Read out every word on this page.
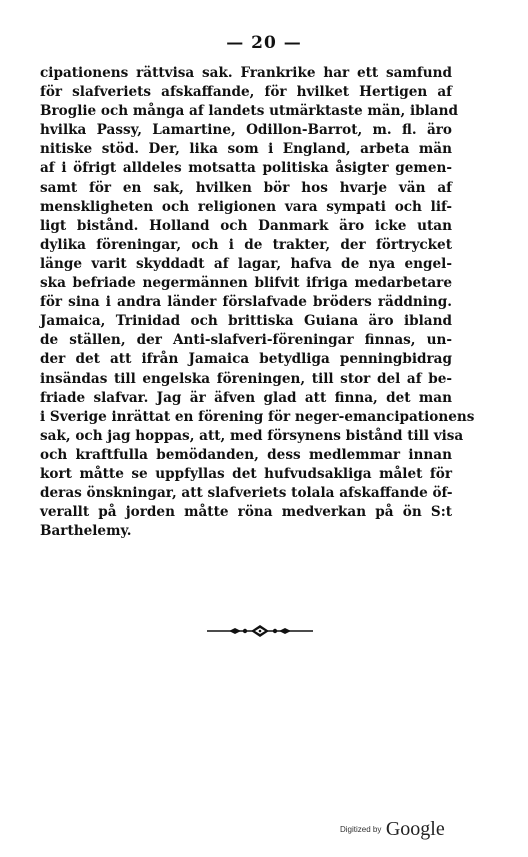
— 20 —
cipationens rättvisa sak. Frankrike har ett samfund
för slafveriets afskaffande, för hvilket Hertigen af
Broglie och många af landets utmärktaste män, ibland
hvilka Passy, Lamartine, Odillon-Barrot, m. fl. äro
nitiske stöd. Der, lika som i England, arbeta män
af i öfrigt alldeles motsatta politiska åsigter gemen-
samt för en sak, hvilken bör hos hvarje vän af
menskligheten och religionen vara sympati och lif-
ligt bistånd. Holland och Danmark äro icke utan
dylika föreningar, och i de trakter, der förtrycket
länge varit skyddadt af lagar, hafva de nya engel-
ska befriade negermännen blifvit ifriga medarbetare
för sina i andra länder förslafvade bröders räddning.
Jamaica, Trinidad och brittiska Guiana äro ibland
de ställen, der Anti-slafveri-föreningar finnas, un-
der det att ifrån Jamaica betydliga penningbidrag
insändas till engelska föreningen, till stor del af be-
friade slafvar. Jag är äfven glad att finna, det man
i Sverige inrättat en förening för neger-emancipationens
sak, och jag hoppas, att, med försynens bistånd till visa
och kraftfulla bemödanden, dess medlemmar innan
kort måtte se uppfyllas det hufvudsakliga målet för
deras önskningar, att slafveriets tolala afskaffande öf-
verallt på jorden måtte röna medverkan på ön S:t
Barthelemy.
Digitized by Google
